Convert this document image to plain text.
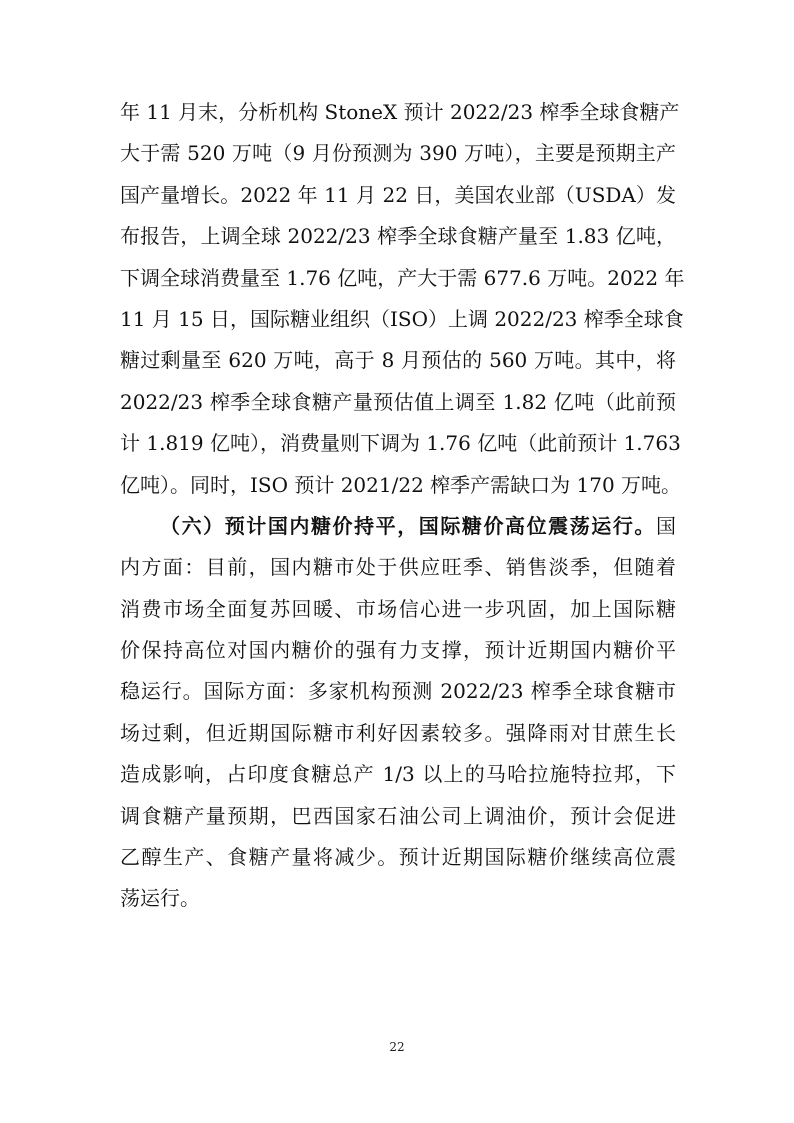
年 11 月末，分析机构 StoneX 预计 2022/23 榨季全球食糖产
大于需 520 万吨（9 月份预测为 390 万吨），主要是预期主产
国产量增长。2022 年 11 月 22 日，美国农业部（USDA）发
布报告，上调全球 2022/23 榨季全球食糖产量至 1.83 亿吨，
下调全球消费量至 1.76 亿吨，产大于需 677.6 万吨。2022 年
11 月 15 日，国际糖业组织（ISO）上调 2022/23 榨季全球食
糖过剩量至 620 万吨，高于 8 月预估的 560 万吨。其中，将
2022/23 榨季全球食糖产量预估值上调至 1.82 亿吨（此前预
计 1.819 亿吨），消费量则下调为 1.76 亿吨（此前预计 1.763
亿吨）。同时，ISO 预计 2021/22 榨季产需缺口为 170 万吨。
（六）预计国内糖价持平，国际糖价高位震荡运行。国
内方面：目前，国内糖市处于供应旺季、销售淡季，但随着
消费市场全面复苏回暖、市场信心进一步巩固，加上国际糖
价保持高位对国内糖价的强有力支撑，预计近期国内糖价平
稳运行。国际方面：多家机构预测 2022/23 榨季全球食糖市
场过剩，但近期国际糖市利好因素较多。强降雨对甘蔗生长
造成影响，占印度食糖总产 1/3 以上的马哈拉施特拉邦，下
调食糖产量预期，巴西国家石油公司上调油价，预计会促进
乙醇生产、食糖产量将减少。预计近期国际糖价继续高位震
荡运行。
22
